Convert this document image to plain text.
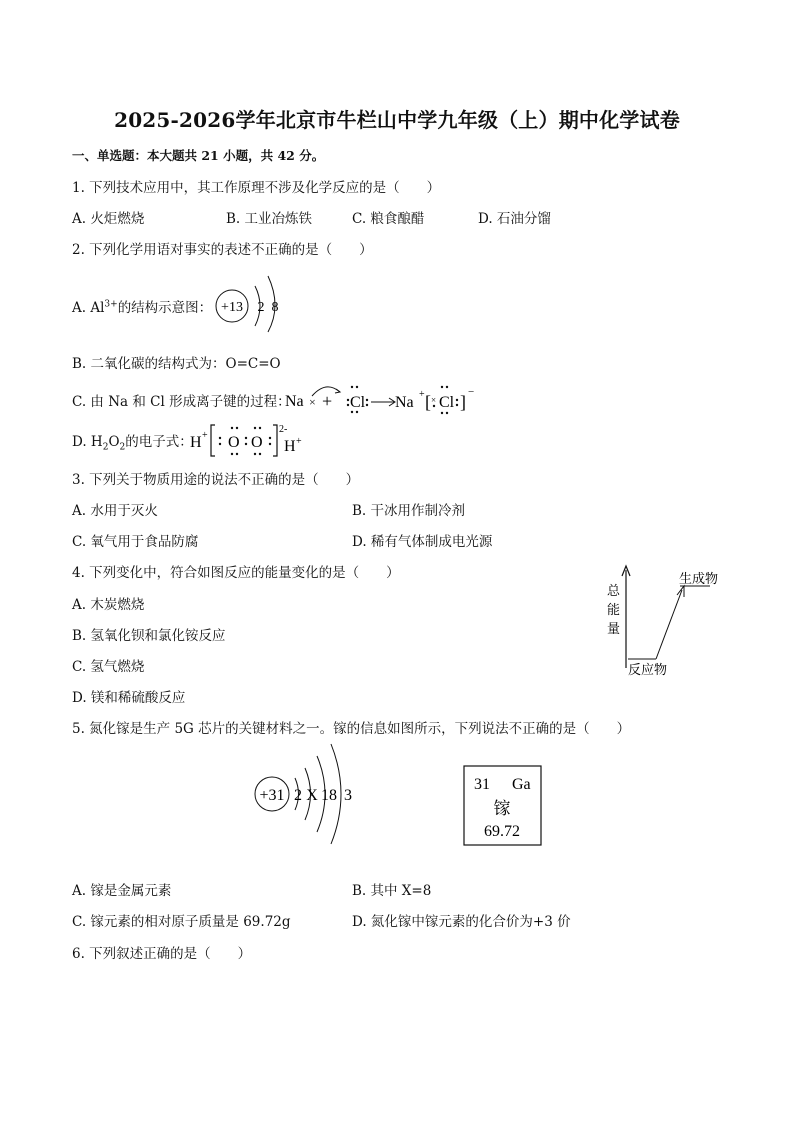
2025-2026学年北京市牛栏山中学九年级（上）期中化学试卷
一、单选题：本大题共 21 小题，共 42 分。
1. 下列技术应用中，其工作原理不涉及化学反应的是（　　）
A. 火炬燃烧	B. 工业冶炼铁	C. 粮食酿醋	D. 石油分馏
2. 下列化学用语对事实的表述不正确的是（　　）
A. $Al^{3+}$的结构示意图： +13 2 8
B. 二氧化碳的结构式为：O=C=O
C. 由 Na 和 Cl 形成离子键的过程：
Na × + Cl Na + [ × Cl ] −
D. $H_2O_2$的电子式：
H + O O
2-
H +
3. 下列关于物质用途的说法不正确的是（　　）
A. 水用于灭火	B. 干冰用作制冷剂
C. 氧气用于食品防腐	D. 稀有气体制成电光源
4. 下列变化中，符合如图反应的能量变化的是（　　）
A. 木炭燃烧
B. 氢氧化钡和氯化铵反应
C. 氢气燃烧
D. 镁和稀硫酸反应
总
能
量
生成物
反应物
5. 氮化镓是生产 5G 芯片的关键材料之一。镓的信息如图所示，下列说法不正确的是（　　）
+31 2 X 18 3
31 Ga
镓
69.72
A. 镓是金属元素	B. 其中 X=8
C. 镓元素的相对原子质量是 69.72g	D. 氮化镓中镓元素的化合价为+3 价
6. 下列叙述正确的是（　　）
